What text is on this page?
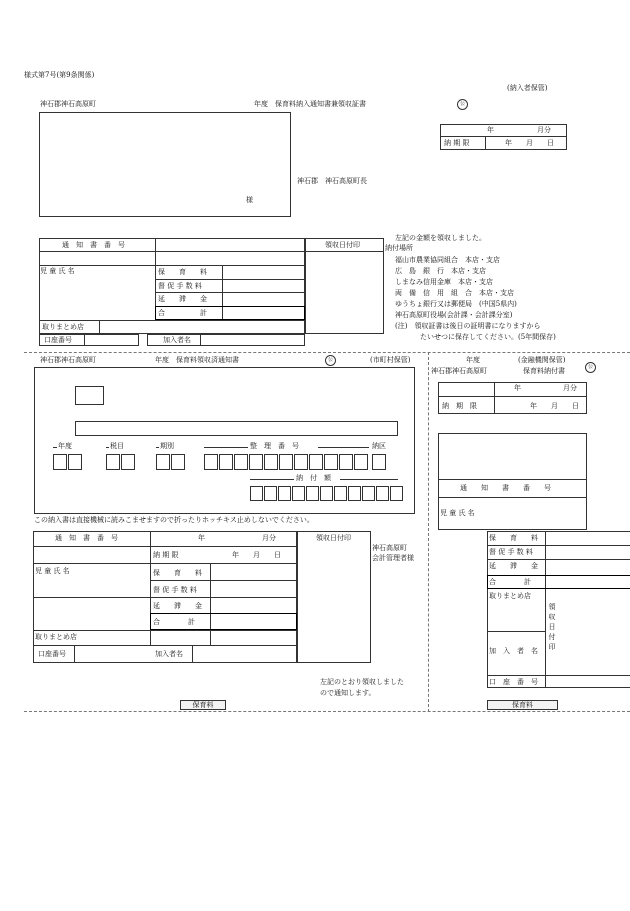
様式第7号(第9条関係)
(納入者保管)
神石郡神石高原町	年度　保育料納入通知書兼領収証書	公
様
神石郡　神石高原町長
年	月分
納 期 限	年　　月　　日
通　知　書　番　号	領収日付印
児 童 氏 名	保　　育　　料
督 促 手 数 料
延　　滞　　金
合　　　　　計
取りまとめ店
口座番号	加入者名
左記の金額を領収しました。
納付場所
福山市農業協同組合　本店・支店
広　島　銀　行　本店・支店
しまなみ信用金庫　本店・支店
両　備　信　用　組　合　本店・支店
ゆうちょ銀行又は郵便局　(中国5県内)
神石高原町役場(会計課・会計課分室)
(注)　領収証書は後日の証明書になりますから
たいせつに保存してください。(5年間保存)
神石郡神石高原町	年度　保育料領収済通知書	公	(市町村保管)
年度	税目	期別	整　理　番　号	納区
納　付　額
この納入書は直接機械に読みこませますので折ったりホッチキス止めしないでください。
通　知　書　番　号	年	月分	領収日付印
納 期 限	年　　月　　日
児 童 氏 名	保　　育　　料
督 促 手 数 料
延　　滞　　金
合　　　　計
取りまとめ店
口座番号	加入者名
神石高原町
会計管理者様
左記のとおり領収しました
ので通知します。
保育料
年度	(金融機関保管)
神石郡神石高原町	保育料納付書	公
年	月分
納　期　限	年　　月　　日
通　　知　　書　　番　　号
児 童 氏 名
保　　育　　料
督 促 手 数 料
延　　滞　　金
合　　　　計
取りまとめ店
領収日付印
加　入　者　名
口　座　番　号
保育料
